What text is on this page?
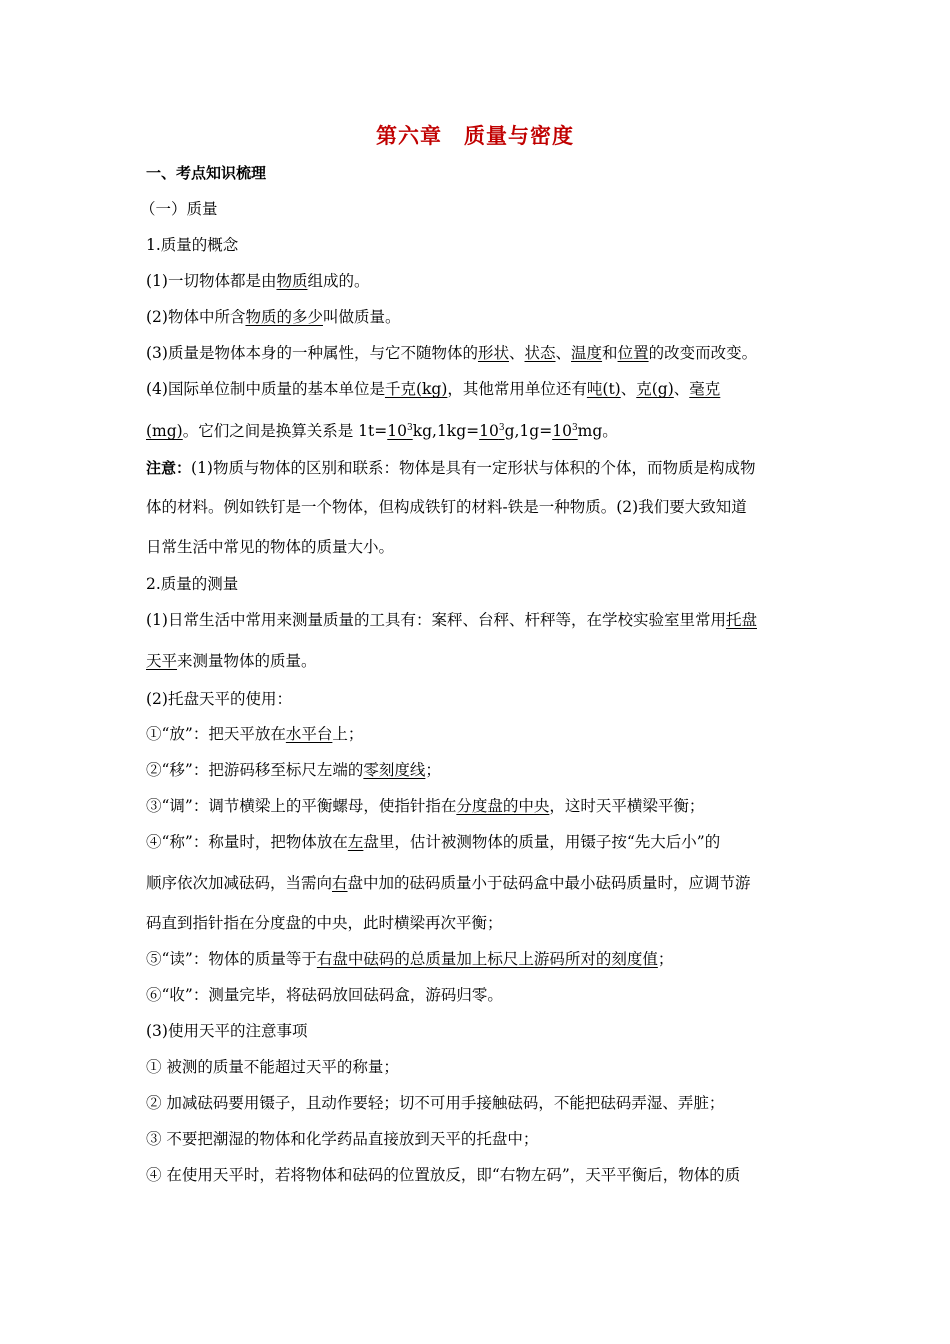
第六章 质量与密度
一、考点知识梳理
（一）质量
1.质量的概念
(1)一切物体都是由物质组成的。
(2)物体中所含物质的多少叫做质量。
(3)质量是物体本身的一种属性，与它不随物体的形状、状态、温度和位置的改变而改变。
(4)国际单位制中质量的基本单位是千克(kg)，其他常用单位还有吨(t)、克(g)、毫克
(mg)。它们之间是换算关系是 $1t=10^3kg,1kg=10^3g,1g=10^3mg$。
注意：(1)物质与物体的区别和联系：物体是具有一定形状与体积的个体，而物质是构成物
体的材料。例如铁钉是一个物体，但构成铁钉的材料-铁是一种物质。(2)我们要大致知道
日常生活中常见的物体的质量大小。
2.质量的测量
(1)日常生活中常用来测量质量的工具有：案秤、台秤、杆秤等，在学校实验室里常用托盘
天平来测量物体的质量。
(2)托盘天平的使用：
①“放”：把天平放在水平台上；
②“移”：把游码移至标尺左端的零刻度线；
③“调”：调节横梁上的平衡螺母，使指针指在分度盘的中央，这时天平横梁平衡；
④“称”：称量时，把物体放在左盘里，估计被测物体的质量，用镊子按“先大后小”的
顺序依次加减砝码，当需向右盘中加的砝码质量小于砝码盒中最小砝码质量时，应调节游
码直到指针指在分度盘的中央，此时横梁再次平衡；
⑤“读”：物体的质量等于右盘中砝码的总质量加上标尺上游码所对的刻度值；
⑥“收”：测量完毕，将砝码放回砝码盒，游码归零。
(3)使用天平的注意事项
① 被测的质量不能超过天平的称量；
② 加减砝码要用镊子，且动作要轻；切不可用手接触砝码，不能把砝码弄湿、弄脏；
③ 不要把潮湿的物体和化学药品直接放到天平的托盘中；
④ 在使用天平时，若将物体和砝码的位置放反，即“右物左码”，天平平衡后，物体的质
